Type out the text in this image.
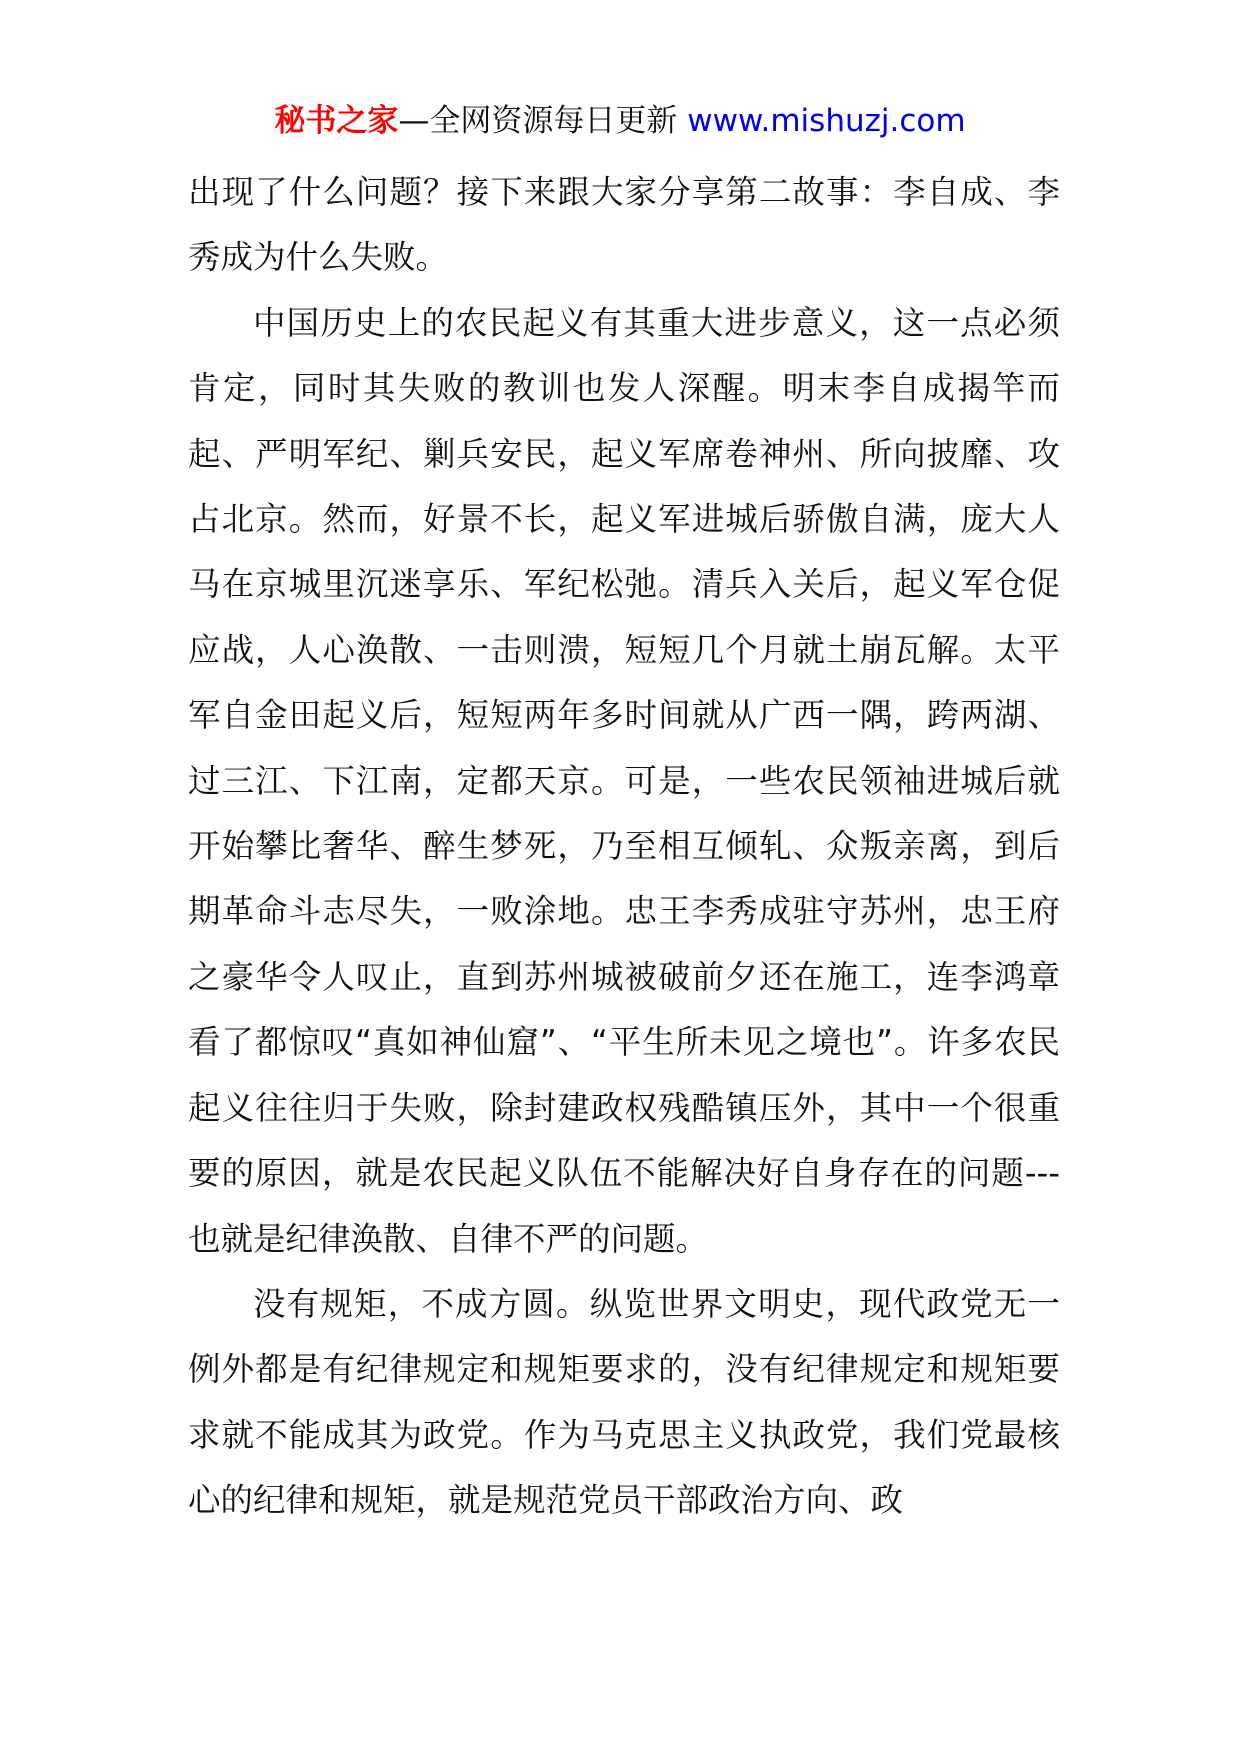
秘书之家—全网资源每日更新 www.mishuzj.com

出现了什么问题？接下来跟大家分享第二故事：李自成、李秀成为什么失败。

中国历史上的农民起义有其重大进步意义，这一点必须肯定，同时其失败的教训也发人深醒。明末李自成揭竿而起、严明军纪、剿兵安民，起义军席卷神州、所向披靡、攻占北京。然而，好景不长，起义军进城后骄傲自满，庞大人马在京城里沉迷享乐、军纪松弛。清兵入关后，起义军仓促应战，人心涣散、一击则溃，短短几个月就土崩瓦解。太平军自金田起义后，短短两年多时间就从广西一隅，跨两湖、过三江、下江南，定都天京。可是，一些农民领袖进城后就开始攀比奢华、醉生梦死，乃至相互倾轧、众叛亲离，到后期革命斗志尽失，一败涂地。忠王李秀成驻守苏州，忠王府之豪华令人叹止，直到苏州城被破前夕还在施工，连李鸿章看了都惊叹“真如神仙窟”、“平生所未见之境也”。许多农民起义往往归于失败，除封建政权残酷镇压外，其中一个很重要的原因，就是农民起义队伍不能解决好自身存在的问题---也就是纪律涣散、自律不严的问题。

没有规矩，不成方圆。纵览世界文明史，现代政党无一例外都是有纪律规定和规矩要求的，没有纪律规定和规矩要求就不能成其为政党。作为马克思主义执政党，我们党最核心的纪律和规矩，就是规范党员干部政治方向、政
